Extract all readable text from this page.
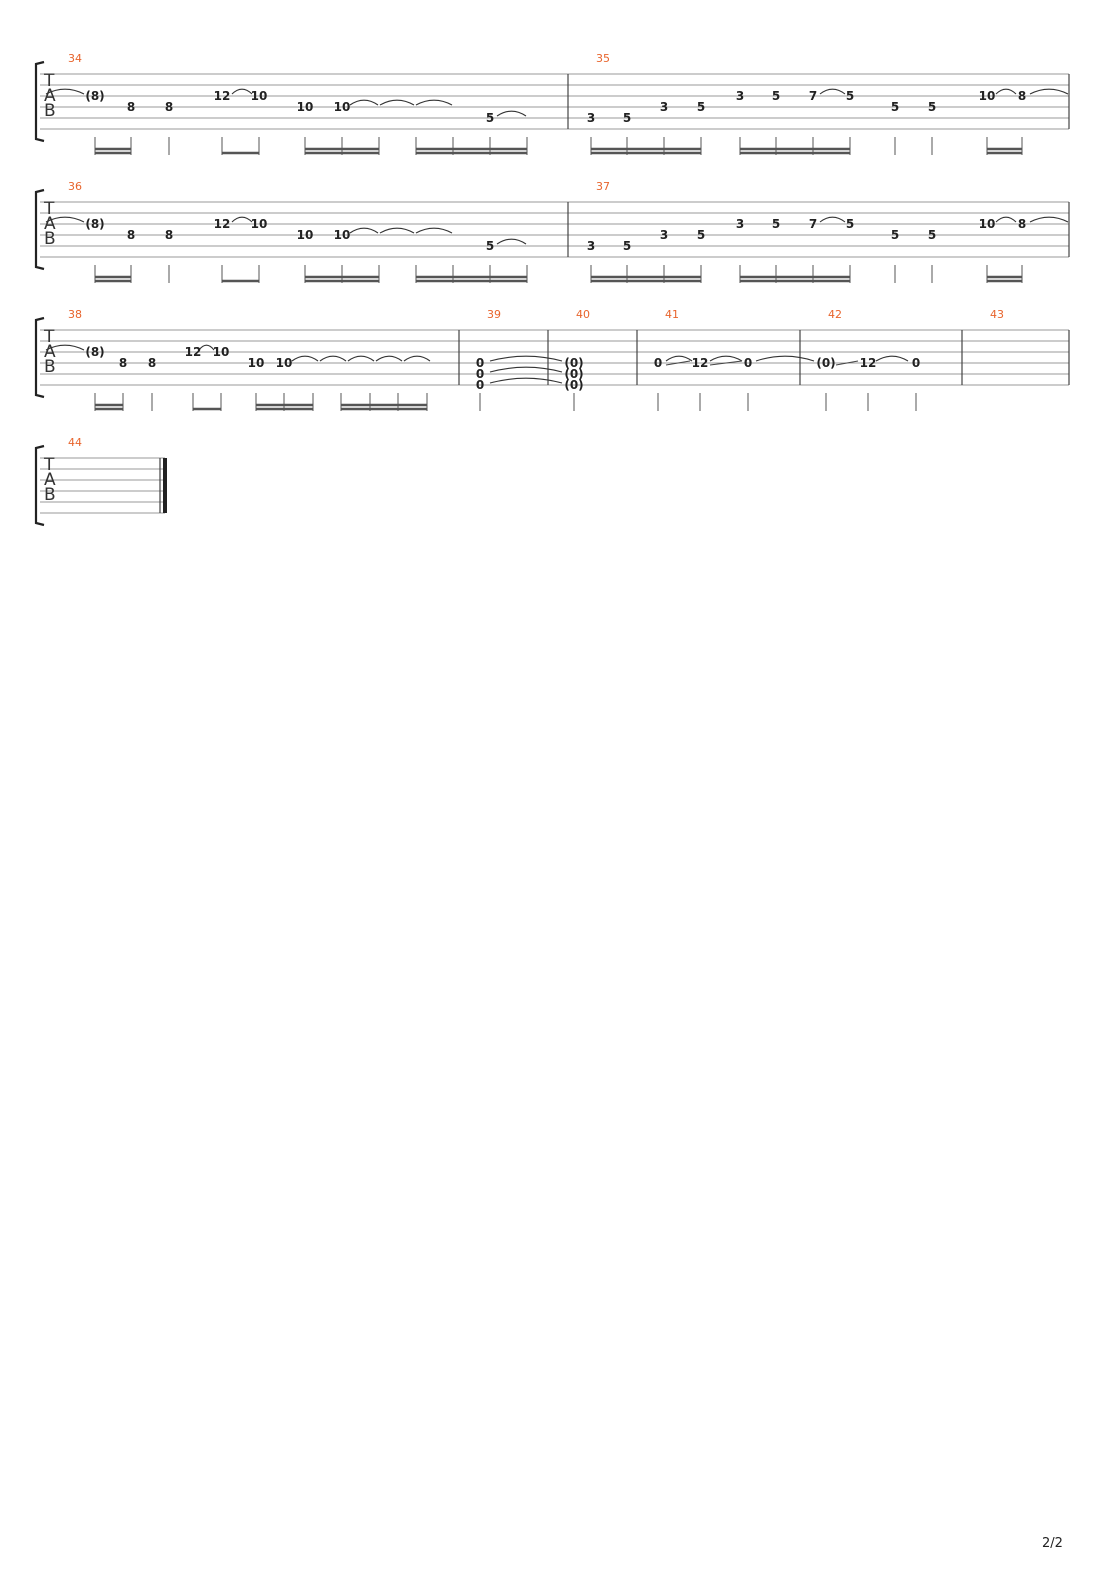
T
A
B
34
(8)
8 8
12 10
10 10
5
35
3 5
3 5
3 5 7 5
5 5
10 8
T
A
B
36
(8)
8 8
12 10
10 10
5
37
3 5
3 5
3 5 7 5
5 5
10 8
T
A
B
38
(8)
8 8
12 10
10 10
39
0
0
0
40
(0)
(0)
(0)
41
0 12	0
42
(0) 12	0
43
T
A
B
44
2/2
